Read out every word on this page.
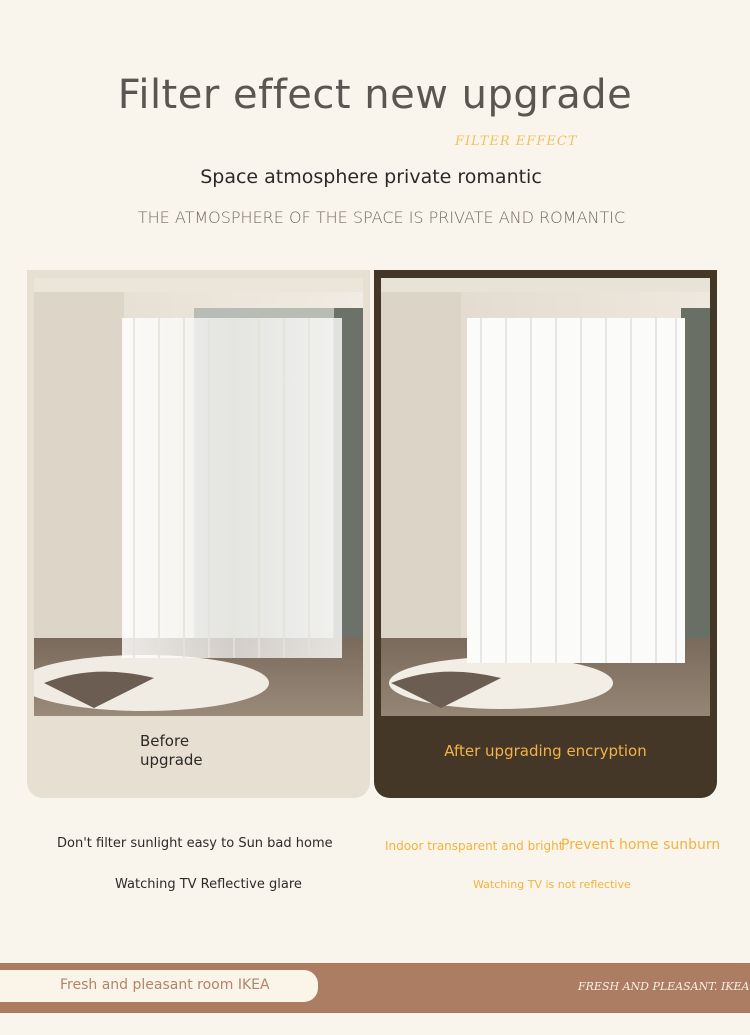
Filter effect new upgrade
FILTER EFFECT
Space atmosphere private romantic
THE ATMOSPHERE OF THE SPACE IS PRIVATE AND ROMANTIC
Before
upgrade	After upgrading encryption
Don't filter sunlight easy to Sun bad home
Watching TV Reflective glare
Indoor transparent and bright
Prevent home sunburn
Watching TV is not reflective
Fresh and pleasant room IKEA	FRESH AND PLEASANT. IKEA
